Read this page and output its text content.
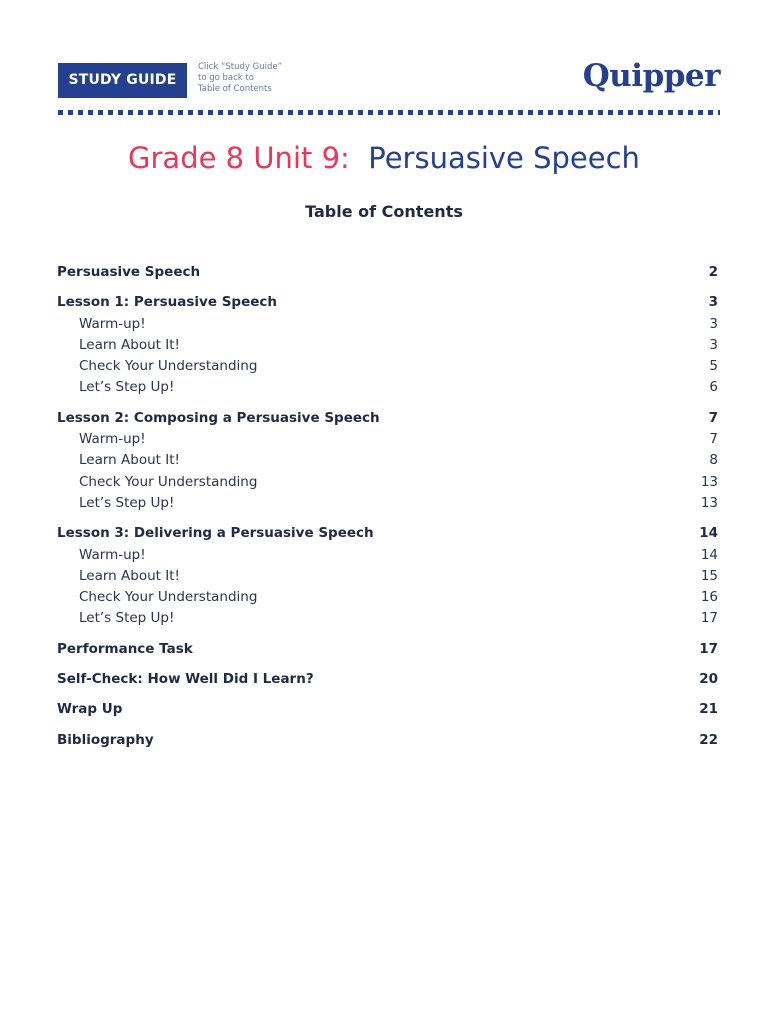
STUDY GUIDE
Click “Study Guide”
to go back to
Table of Contents	Quipper
Grade 8 Unit 9: Persuasive Speech
Table of Contents
Persuasive Speech	2
Lesson 1: Persuasive Speech	3
Warm-up!	3
Learn About It!	3
Check Your Understanding	5
Let’s Step Up!	6
Lesson 2: Composing a Persuasive Speech	7
Warm-up!	7
Learn About It!	8
Check Your Understanding	13
Let’s Step Up!	13
Lesson 3: Delivering a Persuasive Speech	14
Warm-up!	14
Learn About It!	15
Check Your Understanding	16
Let’s Step Up!	17
Performance Task	17
Self-Check: How Well Did I Learn?	20
Wrap Up	21
Bibliography	22
